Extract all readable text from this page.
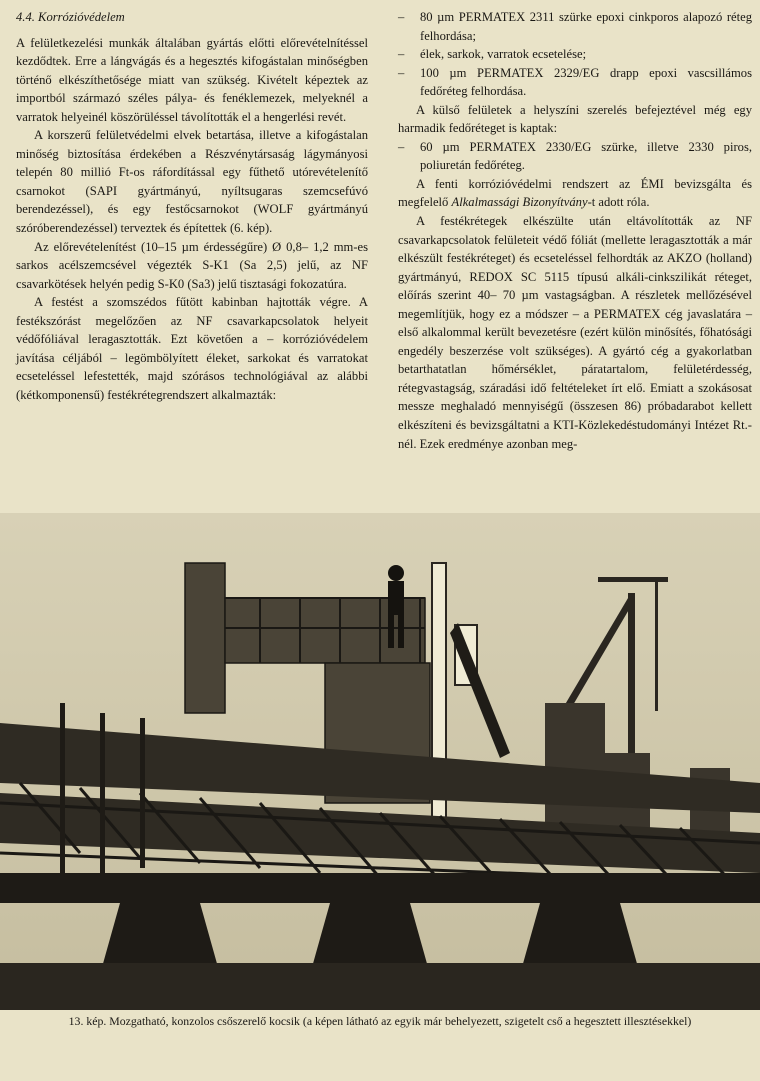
4.4. Korrózióvédelem

A felületkezelési munkák általában gyártás előtti előrevételnítéssel kezdődtek. Erre a lángvágás és a hegesztés kifogástalan minőségben történő elkészíthetősége miatt van szükség. Kivételt képeztek az importból származó széles pálya- és fenéklemezek, melyeknél a varratok helyeinél köszörüléssel távolították el a hengerlési revét.

A korszerű felületvédelmi elvek betartása, illetve a kifogástalan minőség biztosítása érdekében a Részvénytársaság lágymányosi telepén 80 millió Ft-os ráfordítással egy fűthető utórevételenítő csarnokot (SAPI gyártmányú, nyíltsugaras szemcsefúvó berendezéssel), és egy festőcsarnokot (WOLF gyártmányú szóróberendezéssel) terveztek és építettek (6. kép).

Az előrevételenítést (10–15 µm érdességűre) Ø 0,8– 1,2 mm-es sarkos acélszemcsével végezték S-K1 (Sa 2,5) jelű, az NF csavarkötések helyén pedig S-K0 (Sa3) jelű tisztasági fokozatúra.

A festést a szomszédos fűtött kabinban hajtották végre. A festékszórást megelőzően az NF csavarkapcsolatok helyeit védőfóliával leragasztották. Ezt követően a – korrózióvédelem javítása céljából – legömbölyített éleket, sarkokat és varratokat ecseteléssel lefestették, majd szórásos technológiával az alábbi (kétkomponensű) festékrétegrendszert alkalmazták:

–	80 µm PERMATEX 2311 szürke epoxi cinkporos alapozó réteg felhordása;
–	élek, sarkok, varratok ecsetelése;
–	100 µm PERMATEX 2329/EG drapp epoxi vascsillámos fedőréteg felhordása.

A külső felületek a helyszíni szerelés befejeztével még egy harmadik fedőréteget is kaptak:

–	60 µm PERMATEX 2330/EG szürke, illetve 2330 piros, poliuretán fedőréteg.

A fenti korrózióvédelmi rendszert az ÉMI bevizsgálta és megfelelő Alkalmassági Bizonyítvány-t adott róla.

A festékrétegek elkészülte után eltávolították az NF csavarkapcsolatok felületeit védő fóliát (mellette leragasztották a már elkészült festékréteget) és ecseteléssel felhordták az AKZO (holland) gyártmányú, REDOX SC 5115 típusú alkáli-cinkszilikát réteget, előírás szerint 40– 70 µm vastagságban. A részletek mellőzésével megemlítjük, hogy ez a módszer – a PERMATEX cég javaslatára – első alkalommal került bevezetésre (ezért külön minősítés, főhatósági engedély beszerzése volt szükséges). A gyártó cég a gyakorlatban betarthatatlan hőmérséklet, páratartalom, felületérdesség, rétegvastagság, száradási idő feltételeket írt elő. Emiatt a szokásosat messze meghaladó mennyiségű (összesen 86) próbadarabot kellett elkészíteni és bevizsgáltatni a KTI-Közlekedéstudományi Intézet Rt.-nél. Ezek eredménye azonban meg-

13. kép. Mozgatható, konzolos csőszerelő kocsik (a képen látható az egyik már behelyezett, szigetelt cső a hegesztett illesztésekkel)
